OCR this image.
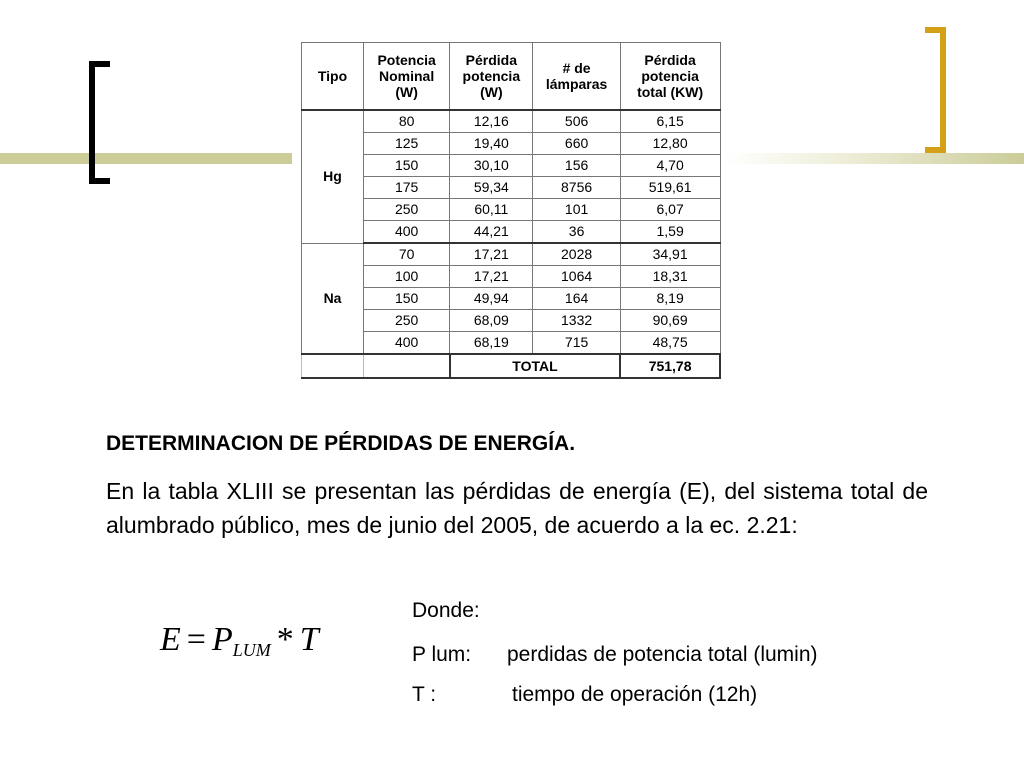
Tipo	Potencia
Nominal
(W)	Pérdida
potencia
(W)	# de
lámparas	Pérdida
potencia
total (KW)
Hg	80	12,16	506	6,15
	125	19,40	660	12,80
	150	30,10	156	4,70
	175	59,34	8756	519,61
	250	60,11	101	6,07
	400	44,21	36	1,59
Na	70	17,21	2028	34,91
	100	17,21	1064	18,31
	150	49,94	164	8,19
	250	68,09	1332	90,69
	400	68,19	715	48,75
		TOTAL		751,78
DETERMINACION DE PÉRDIDAS DE ENERGÍA.

En la tabla XLIII se presentan las pérdidas de energía (E), del sistema total de alumbrado público, mes de junio del 2005, de acuerdo a la ec. 2.21:

$E = P_{LUM} * T$
Donde:
P lum: perdidas de potencia total (lumin)
T :	tiempo de operación (12h)
